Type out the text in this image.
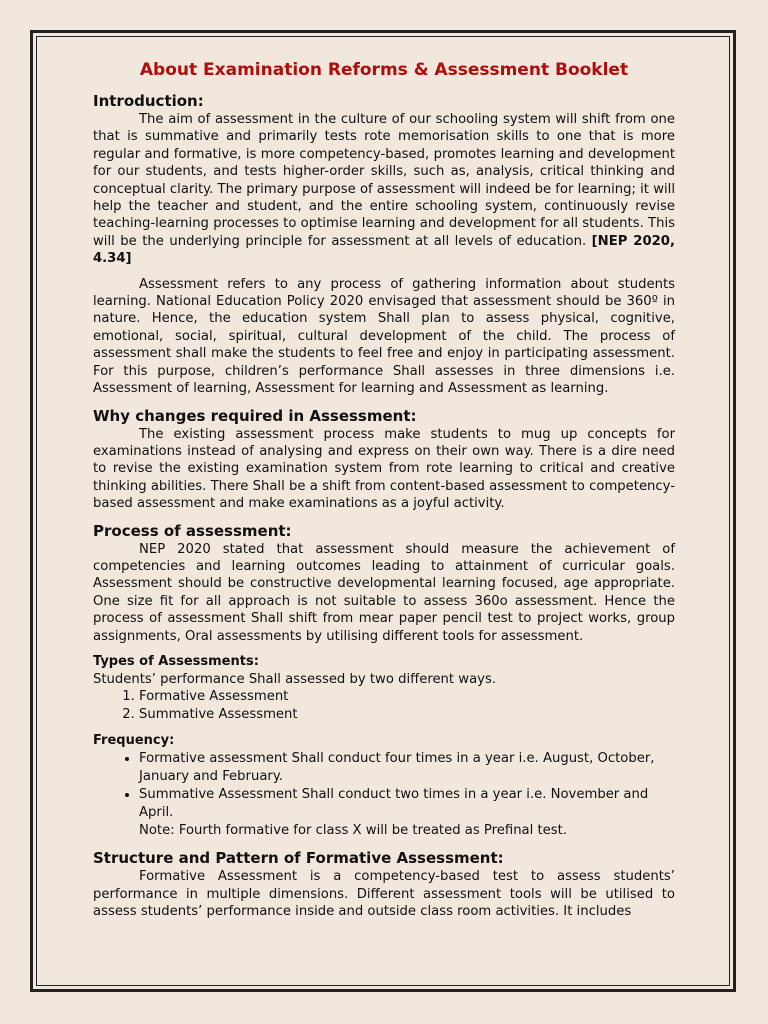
About Examination Reforms & Assessment Booklet
Introduction:

The aim of assessment in the culture of our schooling system will shift from one that is summative and primarily tests rote memorisation skills to one that is more regular and formative, is more competency-based, promotes learning and development for our students, and tests higher-order skills, such as, analysis, critical thinking and conceptual clarity. The primary purpose of assessment will indeed be for learning; it will help the teacher and student, and the entire schooling system, continuously revise teaching-learning processes to optimise learning and development for all students. This will be the underlying principle for assessment at all levels of education. [NEP 2020, 4.34]

Assessment refers to any process of gathering information about students learning. National Education Policy 2020 envisaged that assessment should be 360º in nature. Hence, the education system Shall plan to assess physical, cognitive, emotional, social, spiritual, cultural development of the child. The process of assessment shall make the students to feel free and enjoy in participating assessment. For this purpose, children’s performance Shall assesses in three dimensions i.e. Assessment of learning, Assessment for learning and Assessment as learning.

Why changes required in Assessment:

The existing assessment process make students to mug up concepts for examinations instead of analysing and express on their own way. There is a dire need to revise the existing examination system from rote learning to critical and creative thinking abilities. There Shall be a shift from content-based assessment to competency-based assessment and make examinations as a joyful activity.

Process of assessment:

NEP 2020 stated that assessment should measure the achievement of competencies and learning outcomes leading to attainment of curricular goals. Assessment should be constructive developmental learning focused, age appropriate. One size fit for all approach is not suitable to assess 360o assessment. Hence the process of assessment Shall shift from mear paper pencil test to project works, group assignments, Oral assessments by utilising different tools for assessment.

Types of Assessments:

Students’ performance Shall assessed by two different ways.

1. Formative Assessment
2. Summative Assessment
Frequency:
• Formative assessment Shall conduct four times in a year i.e. August, October, January and February.
• Summative Assessment Shall conduct two times in a year i.e. November and April.
Note: Fourth formative for class X will be treated as Prefinal test.
Structure and Pattern of Formative Assessment:

Formative Assessment is a competency-based test to assess students’ performance in multiple dimensions. Different assessment tools will be utilised to assess students’ performance inside and outside class room activities. It includes
